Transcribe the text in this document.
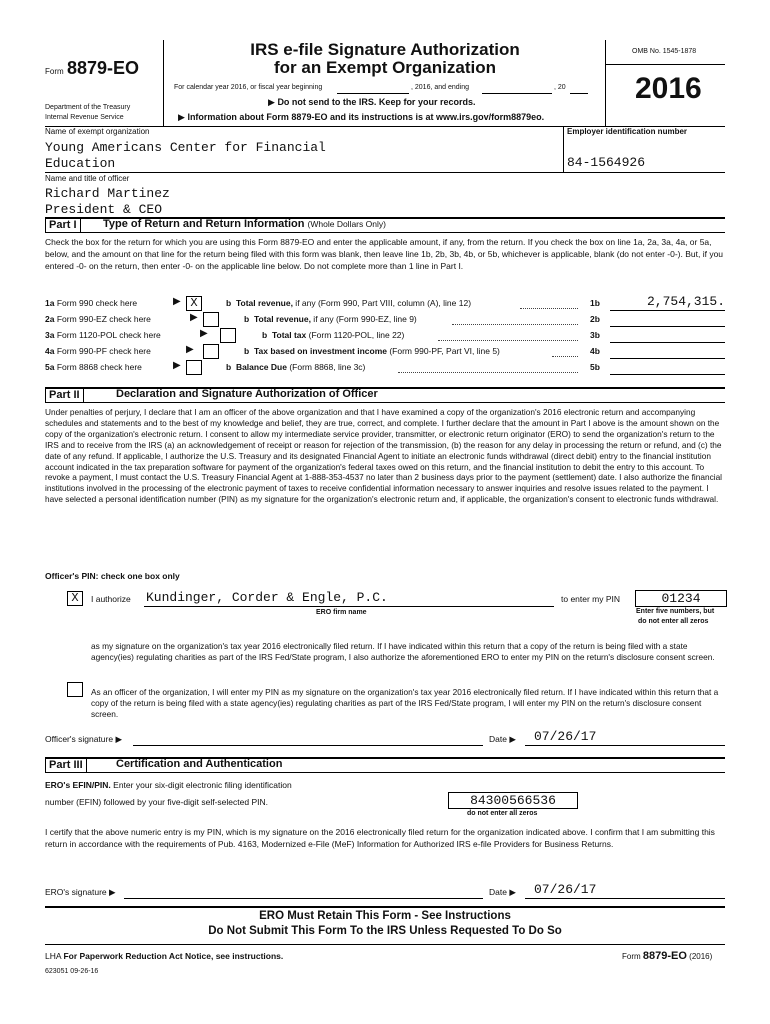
Form 8879-EO
Department of the Treasury
Internal Revenue Service
IRS e-file Signature Authorization
for an Exempt Organization
For calendar year 2016, or fiscal year beginning	, 2016, and ending	, 20
▶ Do not send to the IRS. Keep for your records.
▶ Information about Form 8879-EO and its instructions is at www.irs.gov/form8879eo.
OMB No. 1545-1878
2016
Name of exempt organization
Young Americans Center for Financial
Education
Employer identification number
84-1564926
Name and title of officer
Richard Martinez
President & CEO
Part I	Type of Return and Return Information (Whole Dollars Only)
Check the box for the return for which you are using this Form 8879-EO and enter the applicable amount, if any, from the return. If you check the box on line 1a, 2a, 3a, 4a, or 5a, below, and the amount on that line for the return being filed with this form was blank, then leave line 1b, 2b, 3b, 4b, or 5b, whichever is applicable, blank (do not enter -0-). But, if you entered -0- on the return, then enter -0- on the applicable line below. Do not complete more than 1 line in Part I.
1a Form 990 check here	▶ X	b Total revenue, if any (Form 990, Part VIII, column (A), line 12)	1b	2,754,315.
2a Form 990-EZ check here	▶	b Total revenue, if any (Form 990-EZ, line 9)	2b
3a Form 1120-POL check here	▶	b Total tax (Form 1120-POL, line 22)	3b
4a Form 990-PF check here	▶	b Tax based on investment income (Form 990-PF, Part VI, line 5)	4b
5a Form 8868 check here	▶	b Balance Due (Form 8868, line 3c)	5b
Part II	Declaration and Signature Authorization of Officer
Under penalties of perjury, I declare that I am an officer of the above organization and that I have examined a copy of the organization's 2016 electronic return and accompanying schedules and statements and to the best of my knowledge and belief, they are true, correct, and complete. I further declare that the amount in Part I above is the amount shown on the copy of the organization's electronic return. I consent to allow my intermediate service provider, transmitter, or electronic return originator (ERO) to send the organization's return to the IRS and to receive from the IRS (a) an acknowledgement of receipt or reason for rejection of the transmission, (b) the reason for any delay in processing the return or refund, and (c) the date of any refund. If applicable, I authorize the U.S. Treasury and its designated Financial Agent to initiate an electronic funds withdrawal (direct debit) entry to the financial institution account indicated in the tax preparation software for payment of the organization's federal taxes owed on this return, and the financial institution to debit the entry to this account. To revoke a payment, I must contact the U.S. Treasury Financial Agent at 1-888-353-4537 no later than 2 business days prior to the payment (settlement) date. I also authorize the financial institutions involved in the processing of the electronic payment of taxes to receive confidential information necessary to answer inquiries and resolve issues related to the payment. I have selected a personal identification number (PIN) as my signature for the organization's electronic return and, if applicable, the organization's consent to electronic funds withdrawal.
Officer's PIN: check one box only
X	I authorize Kundinger, Corder & Engle, P.C.
ERO firm name
to enter my PIN	01234
Enter five numbers, but
do not enter all zeros
as my signature on the organization's tax year 2016 electronically filed return. If I have indicated within this return that a copy of the return is being filed with a state agency(ies) regulating charities as part of the IRS Fed/State program, I also authorize the aforementioned ERO to enter my PIN on the return's disclosure consent screen.
As an officer of the organization, I will enter my PIN as my signature on the organization's tax year 2016 electronically filed return. If I have indicated within this return that a copy of the return is being filed with a state agency(ies) regulating charities as part of the IRS Fed/State program, I will enter my PIN on the return's disclosure consent screen.
Officer's signature ▶	Date ▶ 07/26/17
Part III	Certification and Authentication
ERO's EFIN/PIN. Enter your six-digit electronic filing identification
number (EFIN) followed by your five-digit self-selected PIN.	84300566536
do not enter all zeros
I certify that the above numeric entry is my PIN, which is my signature on the 2016 electronically filed return for the organization indicated above. I confirm that I am submitting this return in accordance with the requirements of Pub. 4163, Modernized e-File (MeF) Information for Authorized IRS e-file Providers for Business Returns.
ERO's signature ▶	Date ▶ 07/26/17
ERO Must Retain This Form - See Instructions
Do Not Submit This Form To the IRS Unless Requested To Do So
LHA For Paperwork Reduction Act Notice, see instructions.	Form 8879-EO (2016)
623051 09-26-16
